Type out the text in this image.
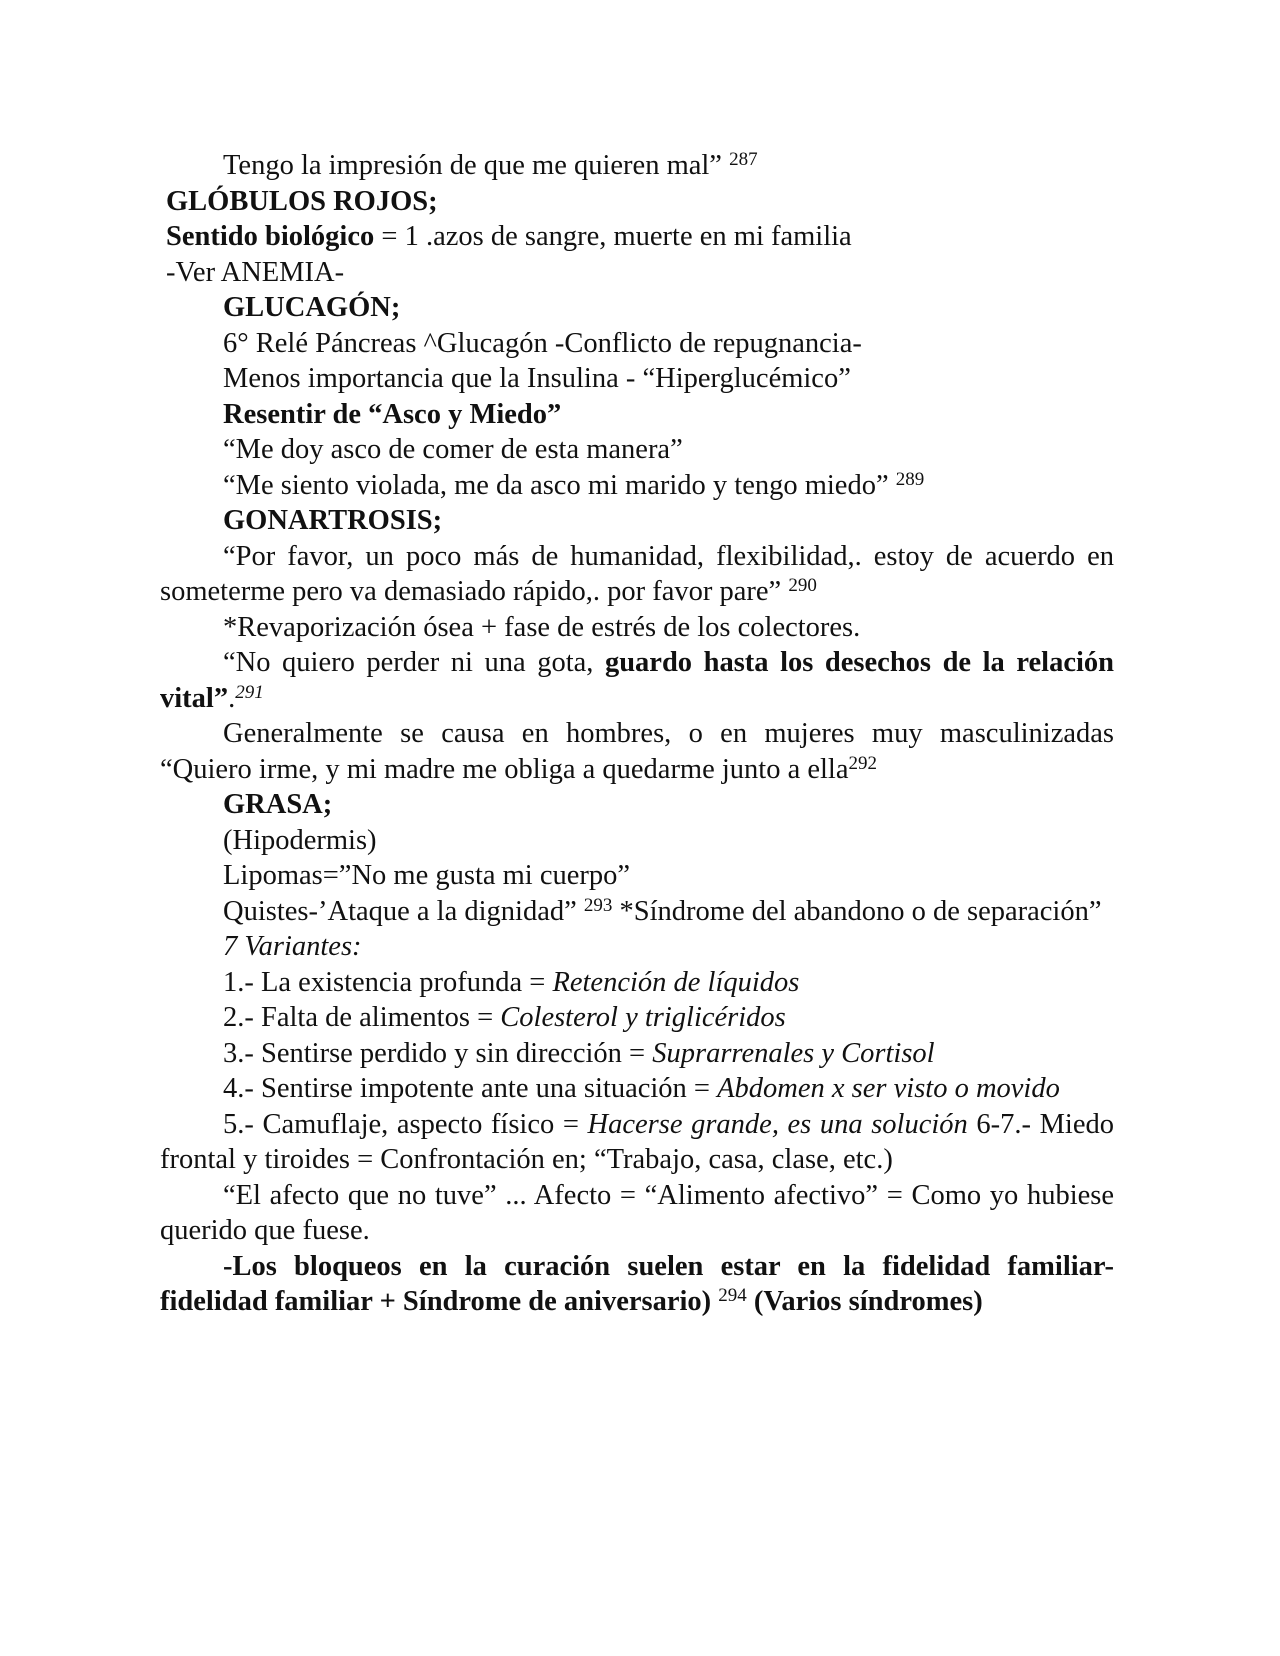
Tengo la impresión de que me quieren mal” $^{287}$
GLÓBULOS ROJOS;
Sentido biológico = 1 .azos de sangre, muerte en mi familia
-Ver ANEMIA-
GLUCAGÓN;
6° Relé Páncreas ^Glucagón -Conflicto de repugnancia-
Menos importancia que la Insulina - “Hiperglucémico”
Resentir de “Asco y Miedo”
“Me doy asco de comer de esta manera”
“Me siento violada, me da asco mi marido y tengo miedo” $^{289}$
GONARTROSIS;
“Por favor, un poco más de humanidad, flexibilidad,. estoy de acuerdo en someterme pero va demasiado rápido,. por favor pare” $^{290}$
*Revaporización ósea + fase de estrés de los colectores.
“No quiero perder ni una gota, guardo hasta los desechos de la relación vital”.$^{291}$
Generalmente se causa en hombres, o en mujeres muy masculinizadas “Quiero irme, y mi madre me obliga a quedarme junto a ella$^{292}$
GRASA;
(Hipodermis)
Lipomas=”No me gusta mi cuerpo”
Quistes-’Ataque a la dignidad” $^{293}$ *Síndrome del abandono o de separación”
7 Variantes:
1.- La existencia profunda = Retención de líquidos
2.- Falta de alimentos = Colesterol y triglicéridos
3.- Sentirse perdido y sin dirección = Suprarrenales y Cortisol
4.- Sentirse impotente ante una situación = Abdomen x ser visto o movido
5.- Camuflaje, aspecto físico = Hacerse grande, es una solución 6-7.- Miedo frontal y tiroides = Confrontación en; “Trabajo, casa, clase, etc.)
“El afecto que no tuve” ... Afecto = “Alimento afectivo” = Como yo hubiese querido que fuese.
-Los bloqueos en la curación suelen estar en la fidelidad familiar-fidelidad familiar + Síndrome de aniversario) $^{294}$ (Varios síndromes)
